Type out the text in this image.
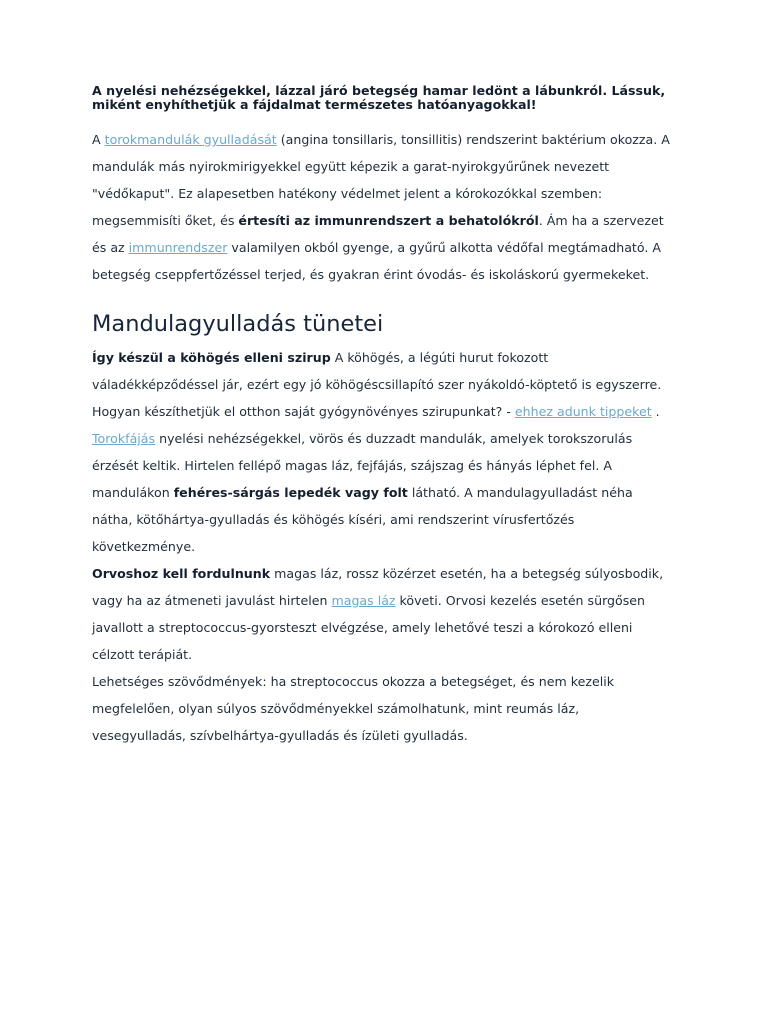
A nyelési nehézségekkel, lázzal járó betegség hamar ledönt a lábunkról. Lássuk, miként enyhíthetjük a fájdalmat természetes hatóanyagokkal!

A torokmandulák gyulladását (angina tonsillaris, tonsillitis) rendszerint baktérium okozza. A mandulák más nyirokmirigyekkel együtt képezik a garat-nyirokgyűrűnek nevezett "védőkaput". Ez alapesetben hatékony védelmet jelent a kórokozókkal szemben: megsemmisíti őket, és értesíti az immunrendszert a behatolókról. Ám ha a szervezet és az immunrendszer valamilyen okból gyenge, a gyűrű alkotta védőfal megtámadható. A betegség cseppfertőzéssel terjed, és gyakran érint óvodás- és iskoláskorú gyermekeket.

Mandulagyulladás tünetei

Így készül a köhögés elleni szirup A köhögés, a légúti hurut fokozott váladékképződéssel jár, ezért egy jó köhögéscsillapító szer nyákoldó-köptető is egyszerre. Hogyan készíthetjük el otthon saját gyógynövényes szirupunkat? - ehhez adunk tippeket . Torokfájás nyelési nehézségekkel, vörös és duzzadt mandulák, amelyek torokszorulás érzését keltik. Hirtelen fellépő magas láz, fejfájás, szájszag és hányás léphet fel. A mandulákon fehéres-sárgás lepedék vagy folt látható. A mandulagyulladást néha nátha, kötőhártya-gyulladás és köhögés kíséri, ami rendszerint vírusfertőzés következménye.

Orvoshoz kell fordulnunk magas láz, rossz közérzet esetén, ha a betegség súlyosbodik, vagy ha az átmeneti javulást hirtelen magas láz követi. Orvosi kezelés esetén sürgősen javallott a streptococcus-gyorsteszt elvégzése, amely lehetővé teszi a kórokozó elleni célzott terápiát.

Lehetséges szövődmények: ha streptococcus okozza a betegséget, és nem kezelik megfelelően, olyan súlyos szövődményekkel számolhatunk, mint reumás láz, vesegyulladás, szívbelhártya-gyulladás és ízületi gyulladás.
